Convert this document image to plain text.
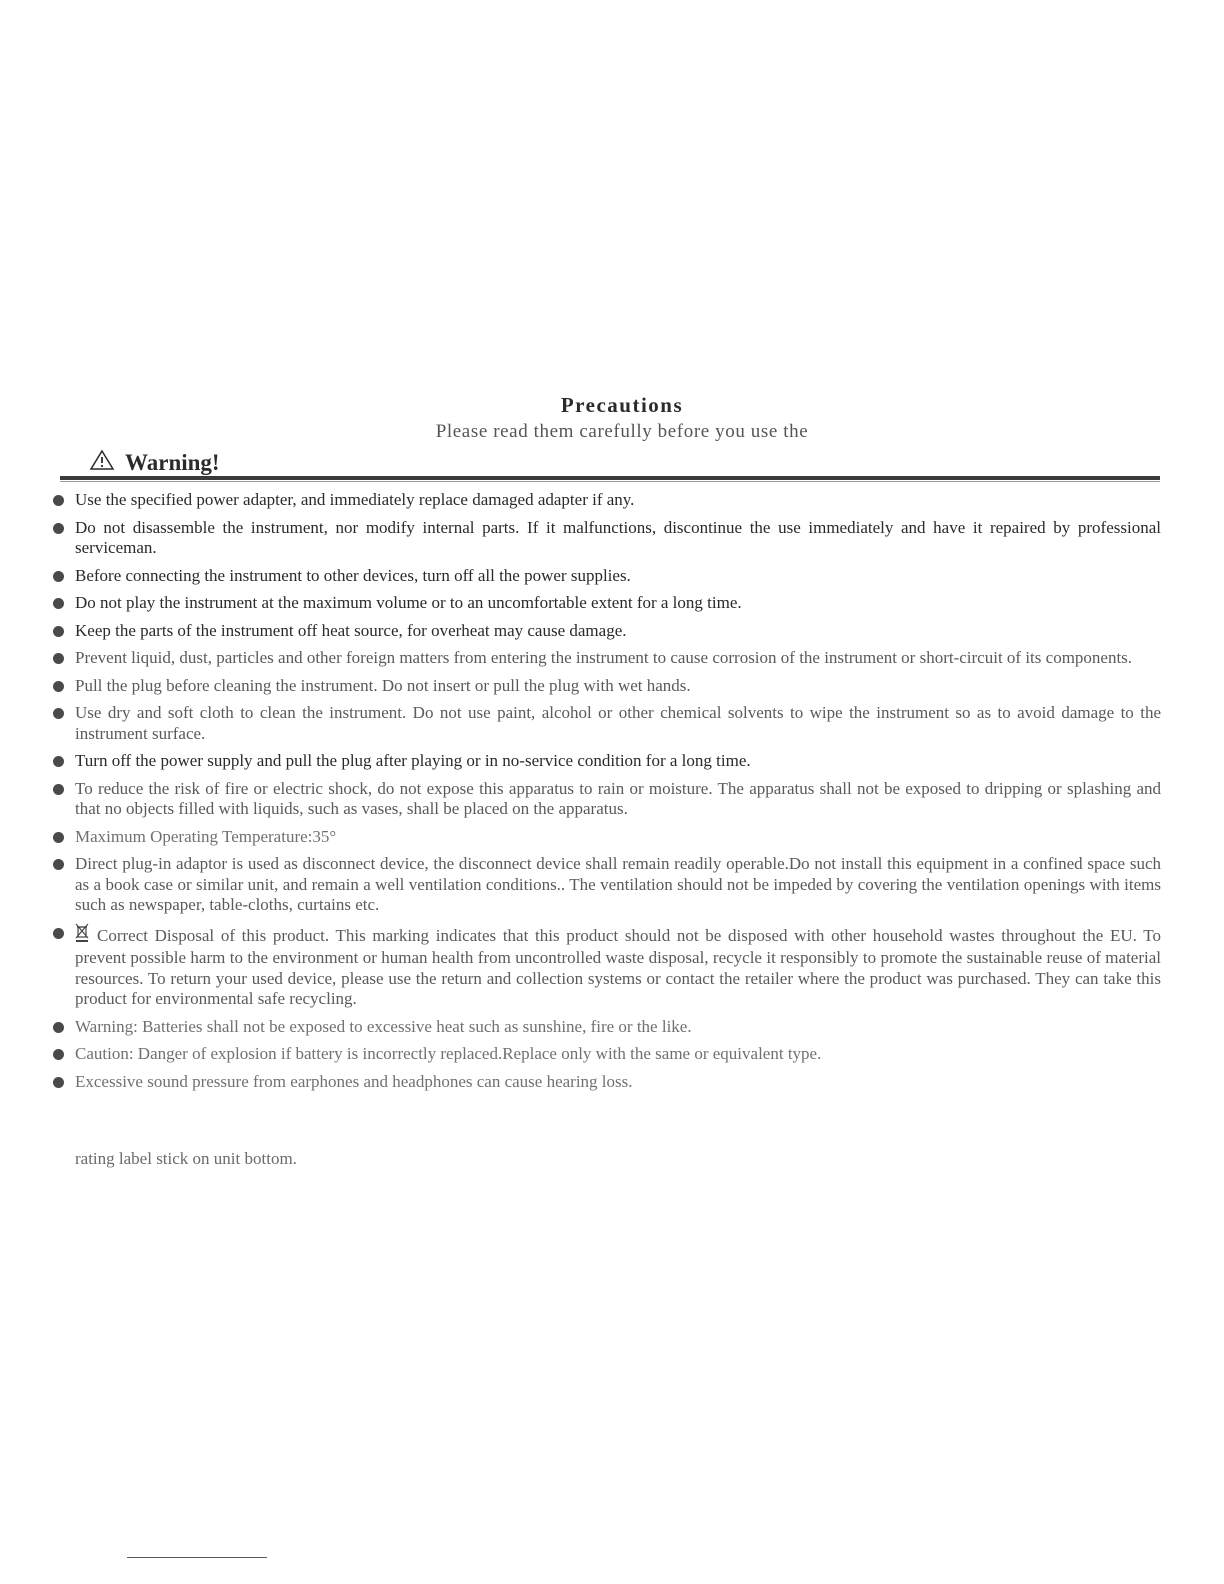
Precautions
Please read them carefully before you use the
Warning!
Use the specified power adapter, and immediately replace damaged adapter if any.
Do not disassemble the instrument, nor modify internal parts. If it malfunctions, discontinue the use immediately and have it repaired by professional serviceman.
Before connecting the instrument to other devices, turn off all the power supplies.
Do not play the instrument at the maximum volume or to an uncomfortable extent for a long time.
Keep the parts of the instrument off heat source, for overheat may cause damage.
Prevent liquid, dust, particles and other foreign matters from entering the instrument to cause corrosion of the instrument or short-circuit of its components.
Pull the plug before cleaning the instrument. Do not insert or pull the plug with wet hands.
Use dry and soft cloth to clean the instrument. Do not use paint, alcohol or other chemical solvents to wipe the instrument so as to avoid damage to the instrument surface.
Turn off the power supply and pull the plug after playing or in no-service condition for a long time.
To reduce the risk of fire or electric shock, do not expose this apparatus to rain or moisture. The apparatus shall not be exposed to dripping or splashing and that no objects filled with liquids, such as vases, shall be placed on the apparatus.
Maximum Operating Temperature:35°
Direct plug-in adaptor is used as disconnect device, the disconnect device shall remain readily operable.Do not install this equipment in a confined space such as a book case or similar unit, and remain a well ventilation conditions.. The ventilation should not be impeded by covering the ventilation openings with items such as newspaper, table-cloths, curtains etc.
Correct Disposal of this product. This marking indicates that this product should not be disposed with other household wastes throughout the EU. To prevent possible harm to the environment or human health from uncontrolled waste disposal, recycle it responsibly to promote the sustainable reuse of material resources. To return your used device, please use the return and collection systems or contact the retailer where the product was purchased. They can take this product for environmental safe recycling.
Warning: Batteries shall not be exposed to excessive heat such as sunshine, fire or the like.
Caution: Danger of explosion if battery is incorrectly replaced.Replace only with the same or equivalent type.
Excessive sound pressure from earphones and headphones can cause hearing loss.
rating label stick on unit bottom.
